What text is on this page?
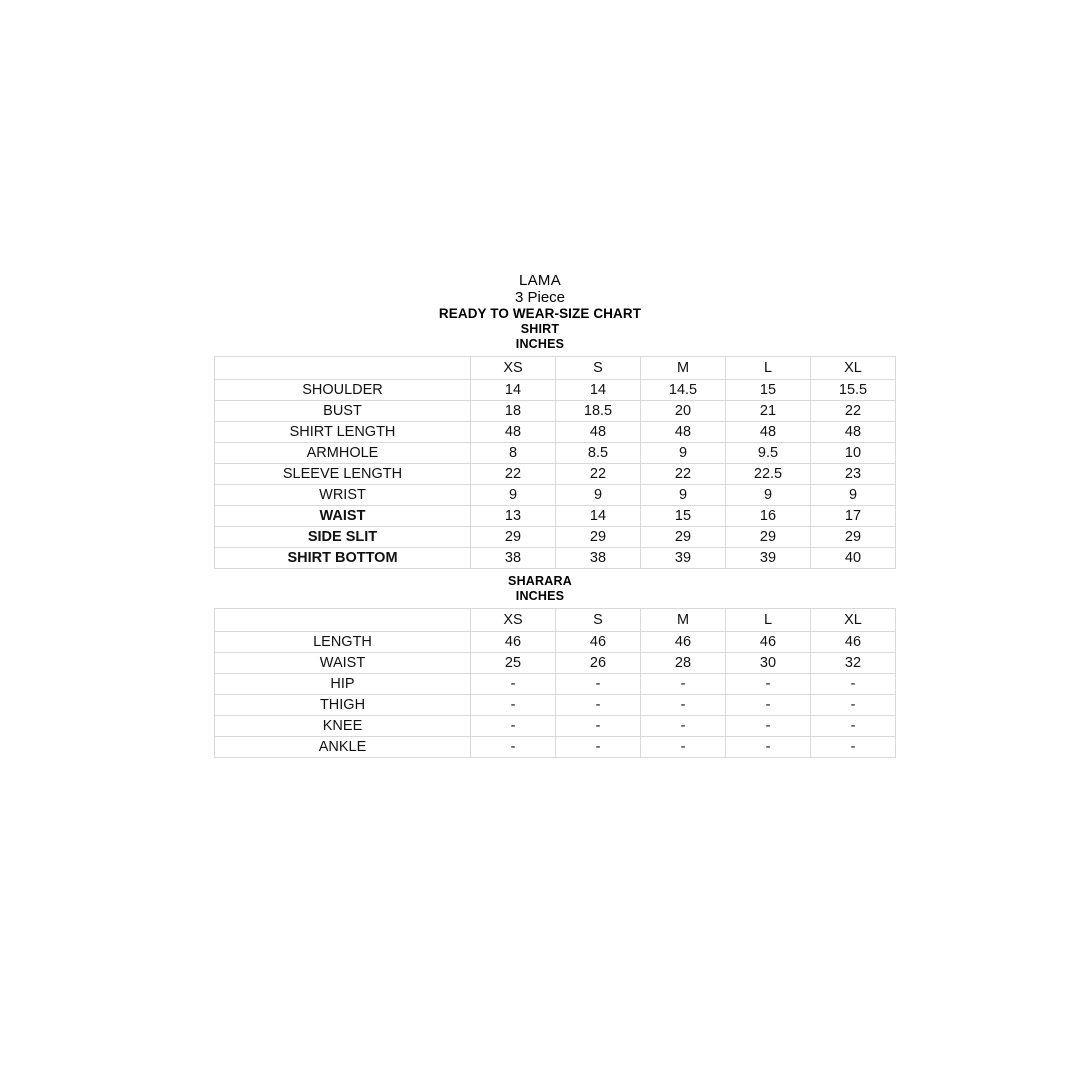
LAMA
3 Piece
READY TO WEAR-SIZE CHART
SHIRT
INCHES
	XS	S	M	L	XL
SHOULDER	14	14	14.5	15	15.5
BUST	18	18.5	20	21	22
SHIRT LENGTH	48	48	48	48	48
ARMHOLE	8	8.5	9	9.5	10
SLEEVE LENGTH	22	22	22	22.5	23
WRIST	9	9	9	9	9
WAIST	13	14	15	16	17
SIDE SLIT	29	29	29	29	29
SHIRT BOTTOM	38	38	39	39	40
SHARARA
INCHES
	XS	S	M	L	XL
LENGTH	46	46	46	46	46
WAIST	25	26	28	30	32
HIP	-	-	-	-	-
THIGH	-	-	-	-	-
KNEE	-	-	-	-	-
ANKLE	-	-	-	-	-
